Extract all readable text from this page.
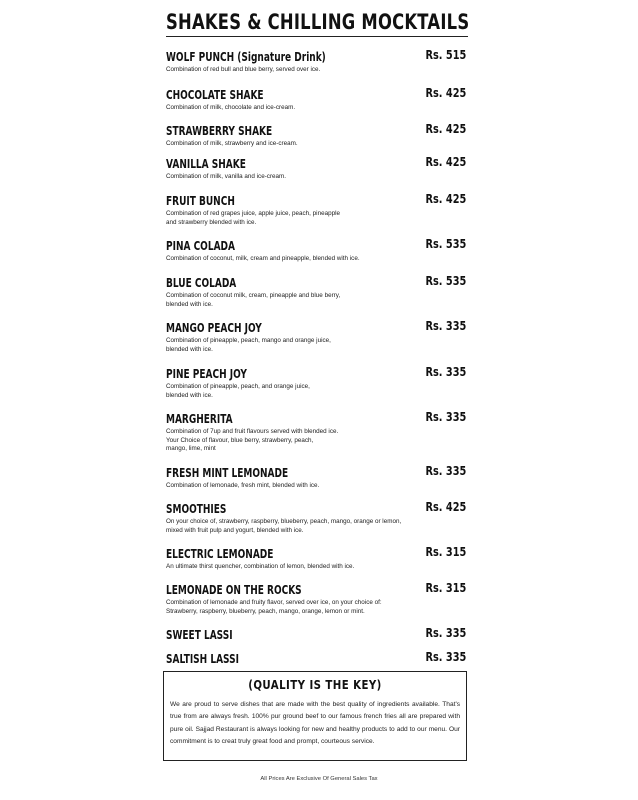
SHAKES & CHILLING MOCKTAILS
WOLF PUNCH (Signature Drink)	Rs. 515
Combination of red bull and blue berry, served over ice.
CHOCOLATE SHAKE	Rs. 425
Combination of milk, chocolate and ice-cream.
STRAWBERRY SHAKE	Rs. 425
Combination of milk, strawberry and ice-cream.
VANILLA SHAKE	Rs. 425
Combination of milk, vanilla and ice-cream.
FRUIT BUNCH	Rs. 425
Combination of red grapes juice, apple juice, peach, pineapple
and strawberry blended with ice.
PINA COLADA	Rs. 535
Combination of coconut, milk, cream and pineapple, blended with ice.
BLUE COLADA	Rs. 535
Combination of coconut milk, cream, pineapple and blue berry,
blended with ice.
MANGO PEACH JOY	Rs. 335
Combination of pineapple, peach, mango and orange juice,
blended with ice.
PINE PEACH JOY	Rs. 335
Combination of pineapple, peach, and orange juice,
blended with ice.
MARGHERITA	Rs. 335
Combination of 7up and fruit flavours served with blended ice.
Your Choice of flavour, blue berry, strawberry, peach,
mango, lime, mint
FRESH MINT LEMONADE	Rs. 335
Combination of lemonade, fresh mint, blended with ice.
SMOOTHIES	Rs. 425
On your choice of, strawberry, raspberry, blueberry, peach, mango, orange or lemon,
mixed with fruit pulp and yogurt, blended with ice.
ELECTRIC LEMONADE	Rs. 315
An ultimate thirst quencher, combination of lemon, blended with ice.
LEMONADE ON THE ROCKS	Rs. 315
Combination of lemonade and fruity flavor, served over ice, on your choice of:
Strawberry, raspberry, blueberry, peach, mango, orange, lemon or mint.
SWEET LASSI	Rs. 335
SALTISH LASSI	Rs. 335
(QUALITY IS THE KEY)
We are proud to serve dishes that are made with the best quality of ingredients available. That's true from are always fresh. 100% pur ground beef to our famous french fries all are prepared with pure oil. Sajjad Restaurant is always looking for new and healthy products to add to our menu. Our commitment is to creat truly great food and prompt, courteous service.
All Prices Are Exclusive Of General Sales Tax
